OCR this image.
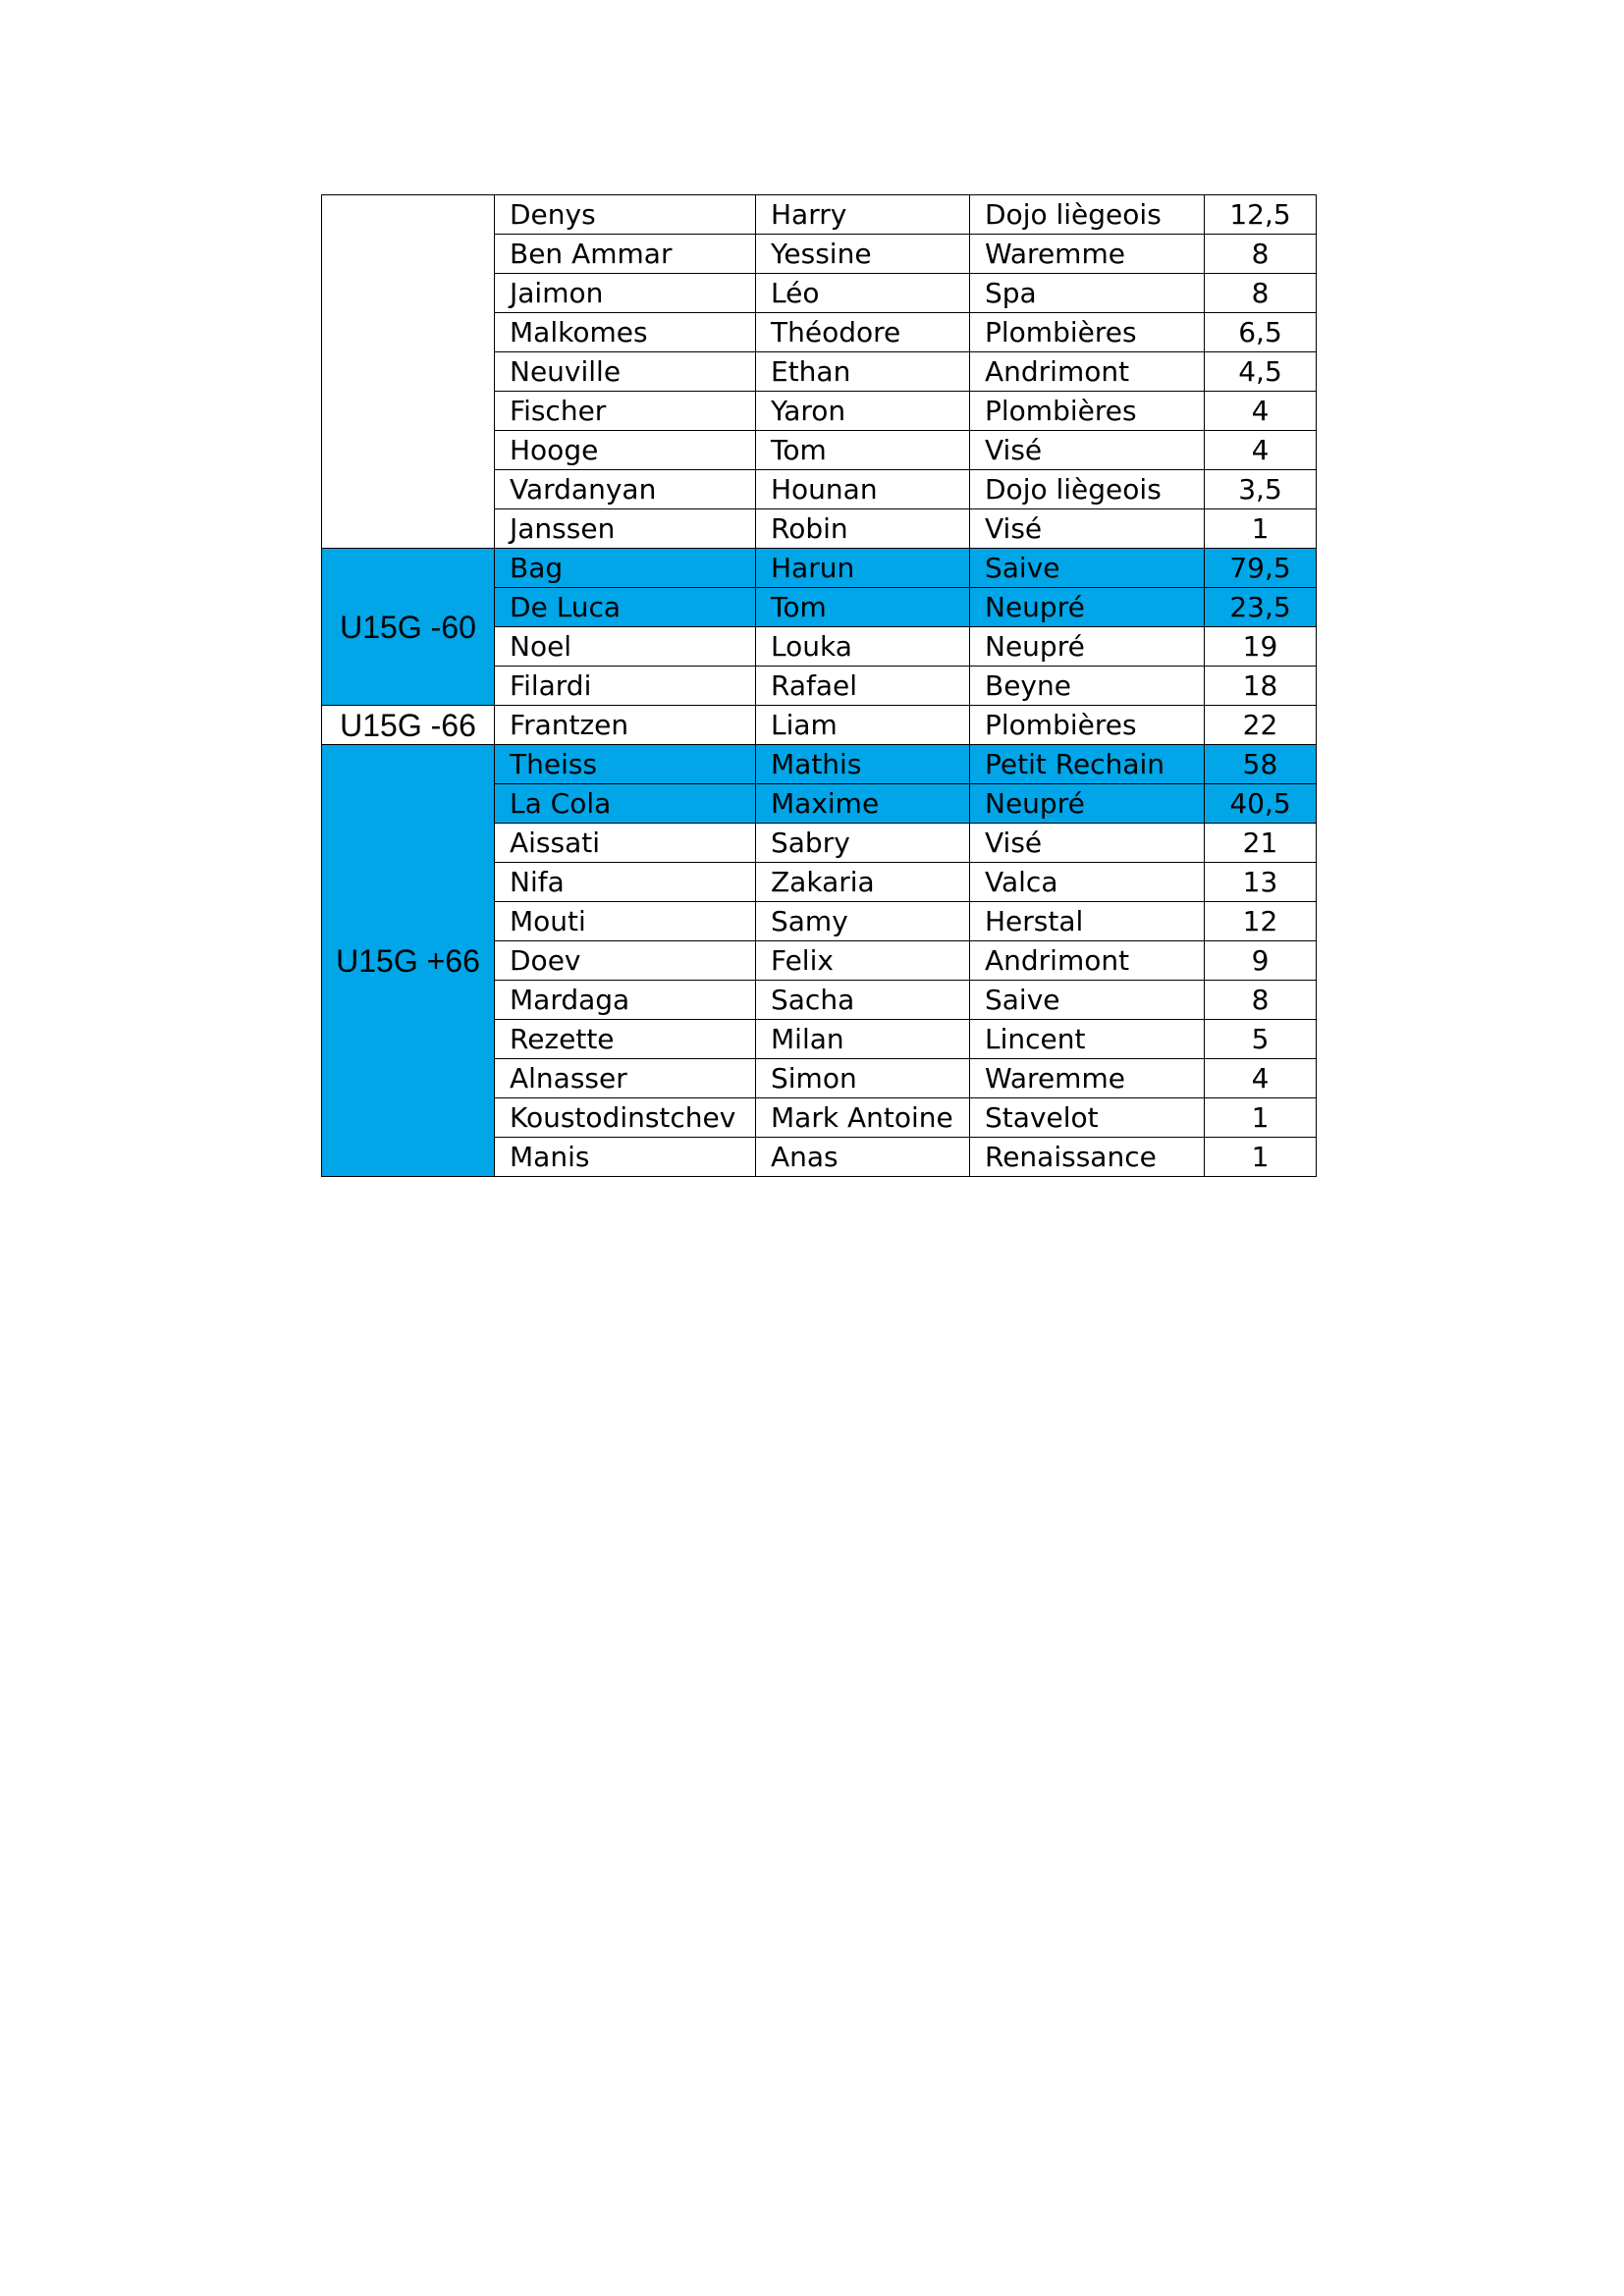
	Denys	Harry	Dojo liègeois	12,5
	Ben Ammar	Yessine	Waremme	8
	Jaimon	Léo	Spa	8
	Malkomes	Théodore	Plombières	6,5
	Neuville	Ethan	Andrimont	4,5
	Fischer	Yaron	Plombières	4
	Hooge	Tom	Visé	4
	Vardanyan	Hounan	Dojo liègeois	3,5
	Janssen	Robin	Visé	1
U15G -60	Bag	Harun	Saive	79,5
	De Luca	Tom	Neupré	23,5
	Noel	Louka	Neupré	19
	Filardi	Rafael	Beyne	18
U15G -66	Frantzen	Liam	Plombières	22
U15G +66	Theiss	Mathis	Petit Rechain	58
	La Cola	Maxime	Neupré	40,5
	Aissati	Sabry	Visé	21
	Nifa	Zakaria	Valca	13
	Mouti	Samy	Herstal	12
	Doev	Felix	Andrimont	9
	Mardaga	Sacha	Saive	8
	Rezette	Milan	Lincent	5
	Alnasser	Simon	Waremme	4
	Koustodinstchev	Mark Antoine	Stavelot	1
	Manis	Anas	Renaissance	1
